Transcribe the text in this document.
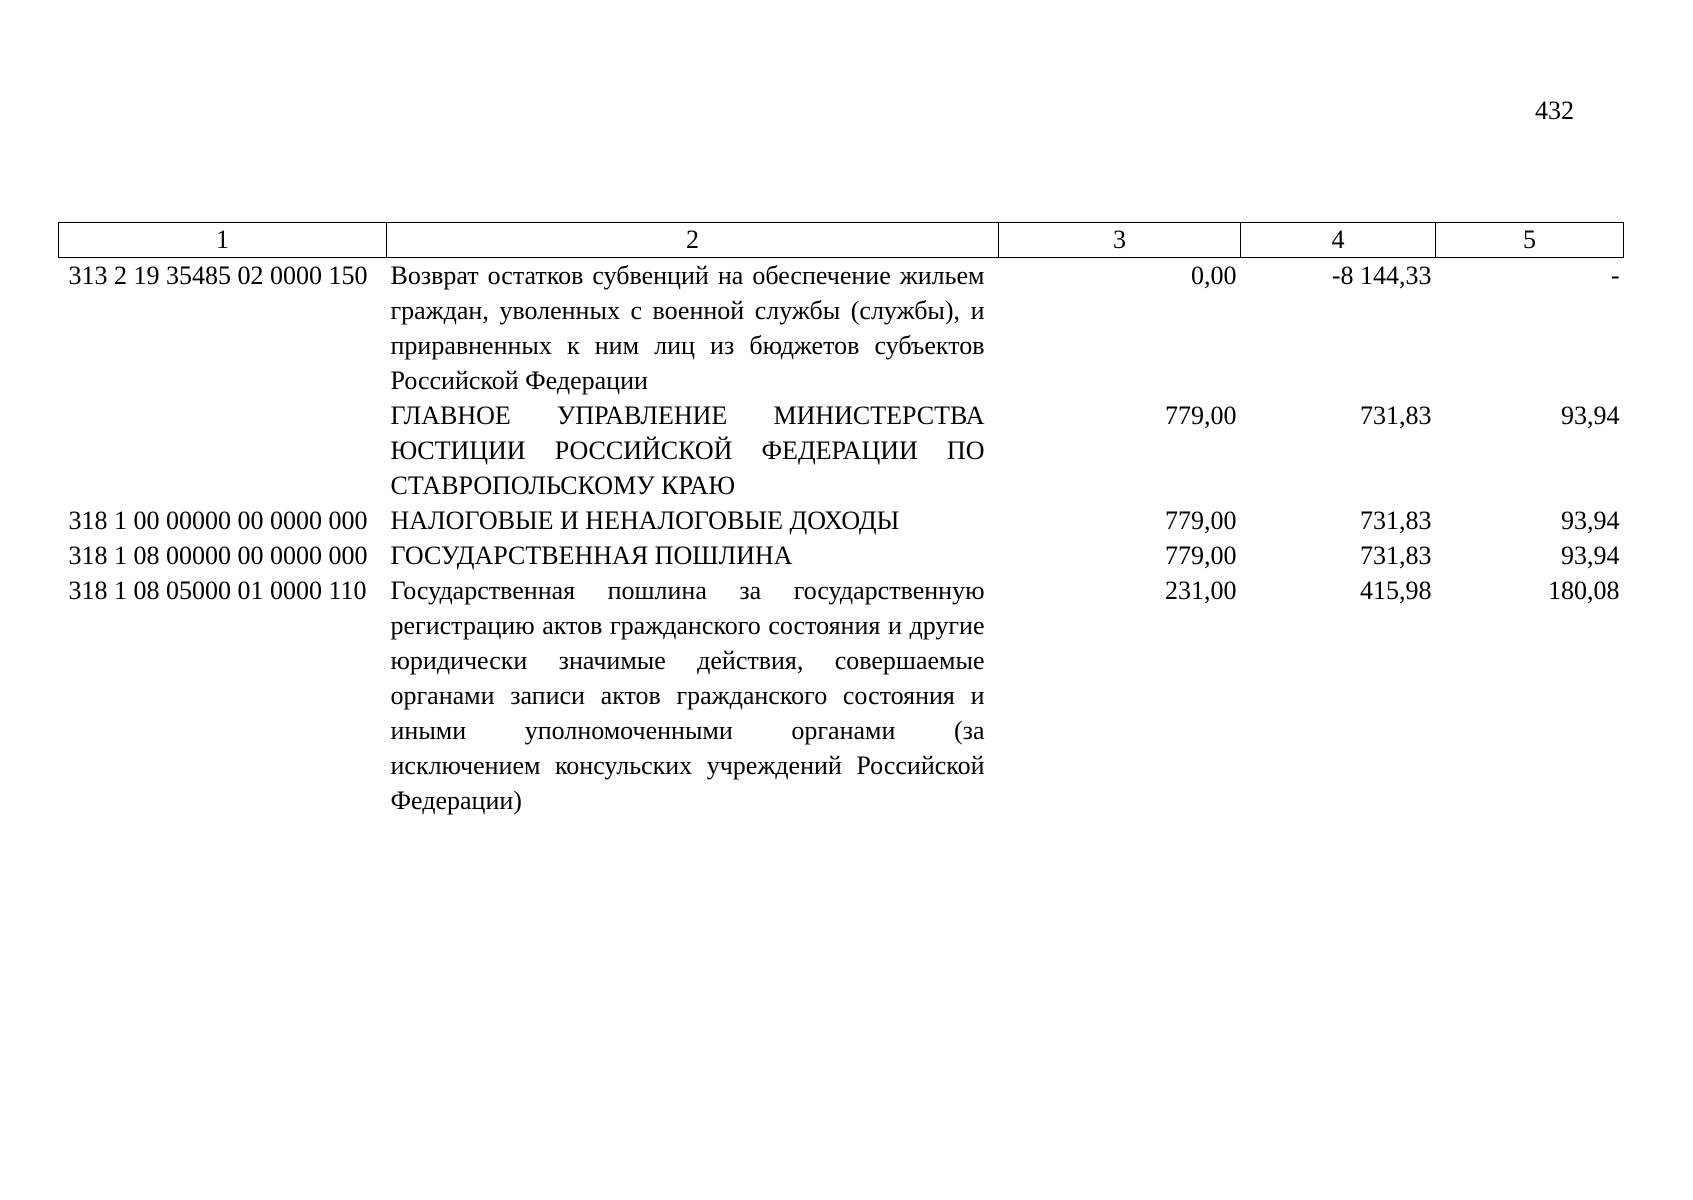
432
1	2	3	4	5
313 2 19 35485 02 0000 150	Возврат остатков субвенций на обеспечение жильем граждан, уволенных с военной службы (службы), и приравненных к ним лиц из бюджетов субъектов Российской Федерации	0,00	-8 144,33	-
	ГЛАВНОЕ УПРАВЛЕНИЕ МИНИСТЕРСТВА ЮСТИЦИИ РОССИЙСКОЙ ФЕДЕРАЦИИ ПО СТАВРОПОЛЬСКОМУ КРАЮ	779,00	731,83	93,94
318 1 00 00000 00 0000 000	НАЛОГОВЫЕ И НЕНАЛОГОВЫЕ ДОХОДЫ	779,00	731,83	93,94
318 1 08 00000 00 0000 000	ГОСУДАРСТВЕННАЯ ПОШЛИНА	779,00	731,83	93,94
318 1 08 05000 01 0000 110	Государственная пошлина за государственную регистрацию актов гражданского состояния и другие юридически значимые действия, совершаемые органами записи актов гражданского состояния и иными уполномоченными органами (за исключением консульских учреждений Российской Федерации)	231,00	415,98	180,08
